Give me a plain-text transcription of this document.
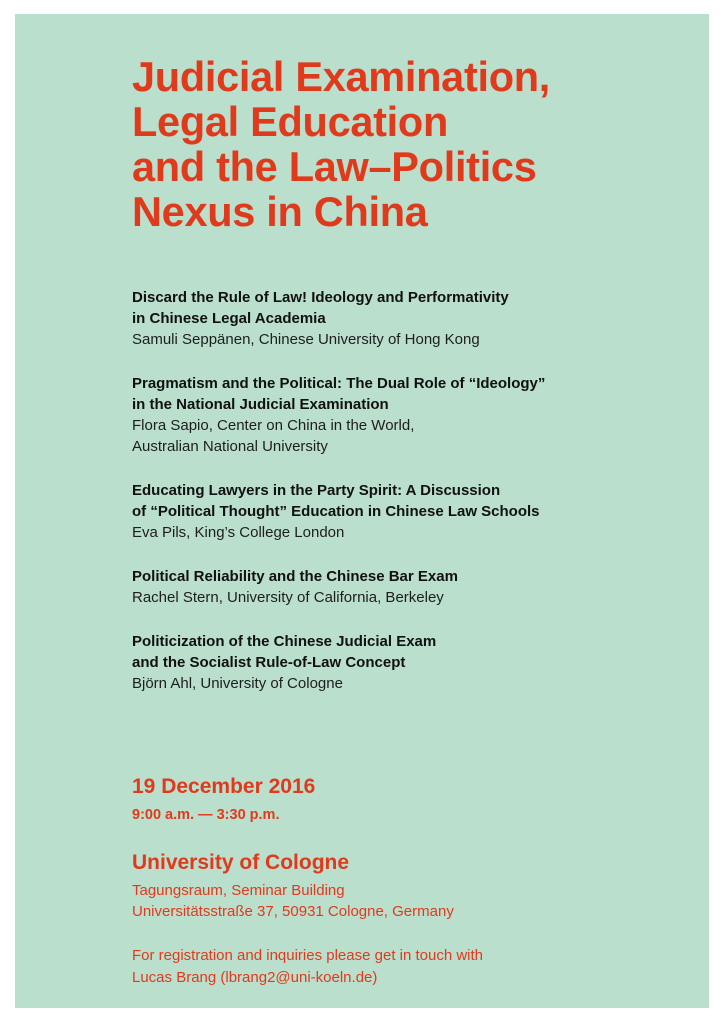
Judicial Examination,
Legal Education
and the Law–Politics
Nexus in China
Discard the Rule of Law! Ideology and Performativity
in Chinese Legal Academia
Samuli Seppänen, Chinese University of Hong Kong
Pragmatism and the Political: The Dual Role of “Ideology”
in the National Judicial Examination
Flora Sapio, Center on China in the World,
Australian National University
Educating Lawyers in the Party Spirit: A Discussion
of “Political Thought” Education in Chinese Law Schools
Eva Pils, King’s College London
Political Reliability and the Chinese Bar Exam
Rachel Stern, University of California, Berkeley
Politicization of the Chinese Judicial Exam
and the Socialist Rule-of-Law Concept
Björn Ahl, University of Cologne
19 December 2016
9:00 a.m. — 3:30 p.m.
University of Cologne
Tagungsraum, Seminar Building
Universitätsstraße 37, 50931 Cologne, Germany
For registration and inquiries please get in touch with
Lucas Brang (lbrang2@uni-koeln.de)
